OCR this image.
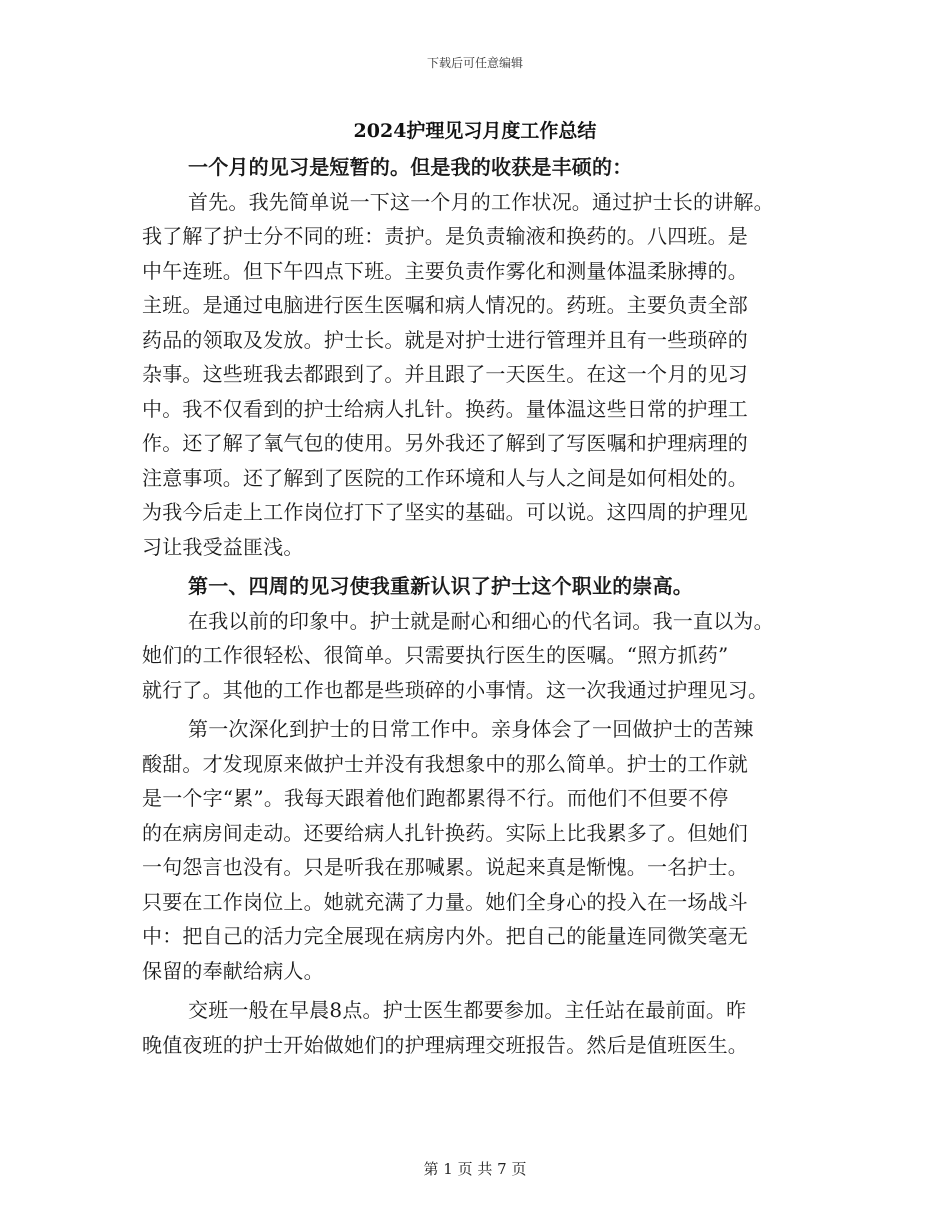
下载后可任意编辑
2024护理见习月度工作总结
一个月的见习是短暂的。但是我的收获是丰硕的：
首先。我先简单说一下这一个月的工作状况。通过护士长的讲解。
我了解了护士分不同的班：责护。是负责输液和换药的。八四班。是
中午连班。但下午四点下班。主要负责作雾化和测量体温柔脉搏的。
主班。是通过电脑进行医生医嘱和病人情况的。药班。主要负责全部
药品的领取及发放。护士长。就是对护士进行管理并且有一些琐碎的
杂事。这些班我去都跟到了。并且跟了一天医生。在这一个月的见习
中。我不仅看到的护士给病人扎针。换药。量体温这些日常的护理工
作。还了解了氧气包的使用。另外我还了解到了写医嘱和护理病理的
注意事项。还了解到了医院的工作环境和人与人之间是如何相处的。
为我今后走上工作岗位打下了坚实的基础。可以说。这四周的护理见
习让我受益匪浅。
第一、四周的见习使我重新认识了护士这个职业的崇高。
在我以前的印象中。护士就是耐心和细心的代名词。我一直以为。
她们的工作很轻松、很简单。只需要执行医生的医嘱。“照方抓药”
就行了。其他的工作也都是些琐碎的小事情。这一次我通过护理见习。
第一次深化到护士的日常工作中。亲身体会了一回做护士的苦辣
酸甜。才发现原来做护士并没有我想象中的那么简单。护士的工作就
是一个字“累”。我每天跟着他们跑都累得不行。而他们不但要不停
的在病房间走动。还要给病人扎针换药。实际上比我累多了。但她们
一句怨言也没有。只是听我在那喊累。说起来真是惭愧。一名护士。
只要在工作岗位上。她就充满了力量。她们全身心的投入在一场战斗
中：把自己的活力完全展现在病房内外。把自己的能量连同微笑毫无
保留的奉献给病人。
交班一般在早晨8点。护士医生都要参加。主任站在最前面。昨
晚值夜班的护士开始做她们的护理病理交班报告。然后是值班医生。
第 1 页 共 7 页
